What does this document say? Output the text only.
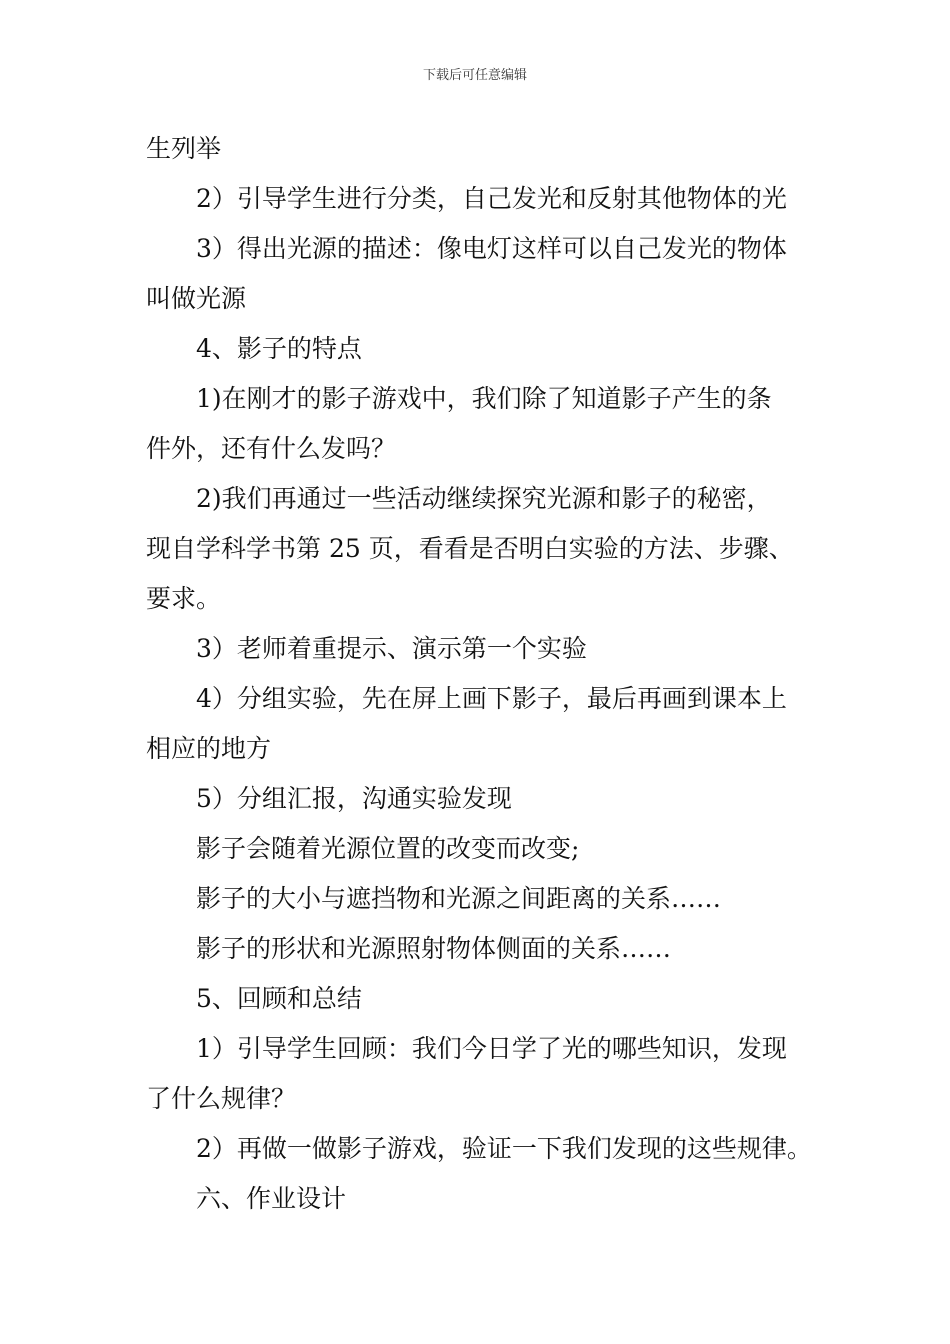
下载后可任意编辑
生列举
2）引导学生进行分类，自己发光和反射其他物体的光
3）得出光源的描述：像电灯这样可以自己发光的物体
叫做光源
4、影子的特点
1)在刚才的影子游戏中，我们除了知道影子产生的条
件外，还有什么发吗？
2)我们再通过一些活动继续探究光源和影子的秘密，
现自学科学书第 25 页，看看是否明白实验的方法、步骤、
要求。
3）老师着重提示、演示第一个实验
4）分组实验，先在屏上画下影子，最后再画到课本上
相应的地方
5）分组汇报，沟通实验发现
影子会随着光源位置的改变而改变;
影子的大小与遮挡物和光源之间距离的关系……
影子的形状和光源照射物体侧面的关系……
5、回顾和总结
1）引导学生回顾：我们今日学了光的哪些知识，发现
了什么规律？
2）再做一做影子游戏，验证一下我们发现的这些规律。
六、作业设计
